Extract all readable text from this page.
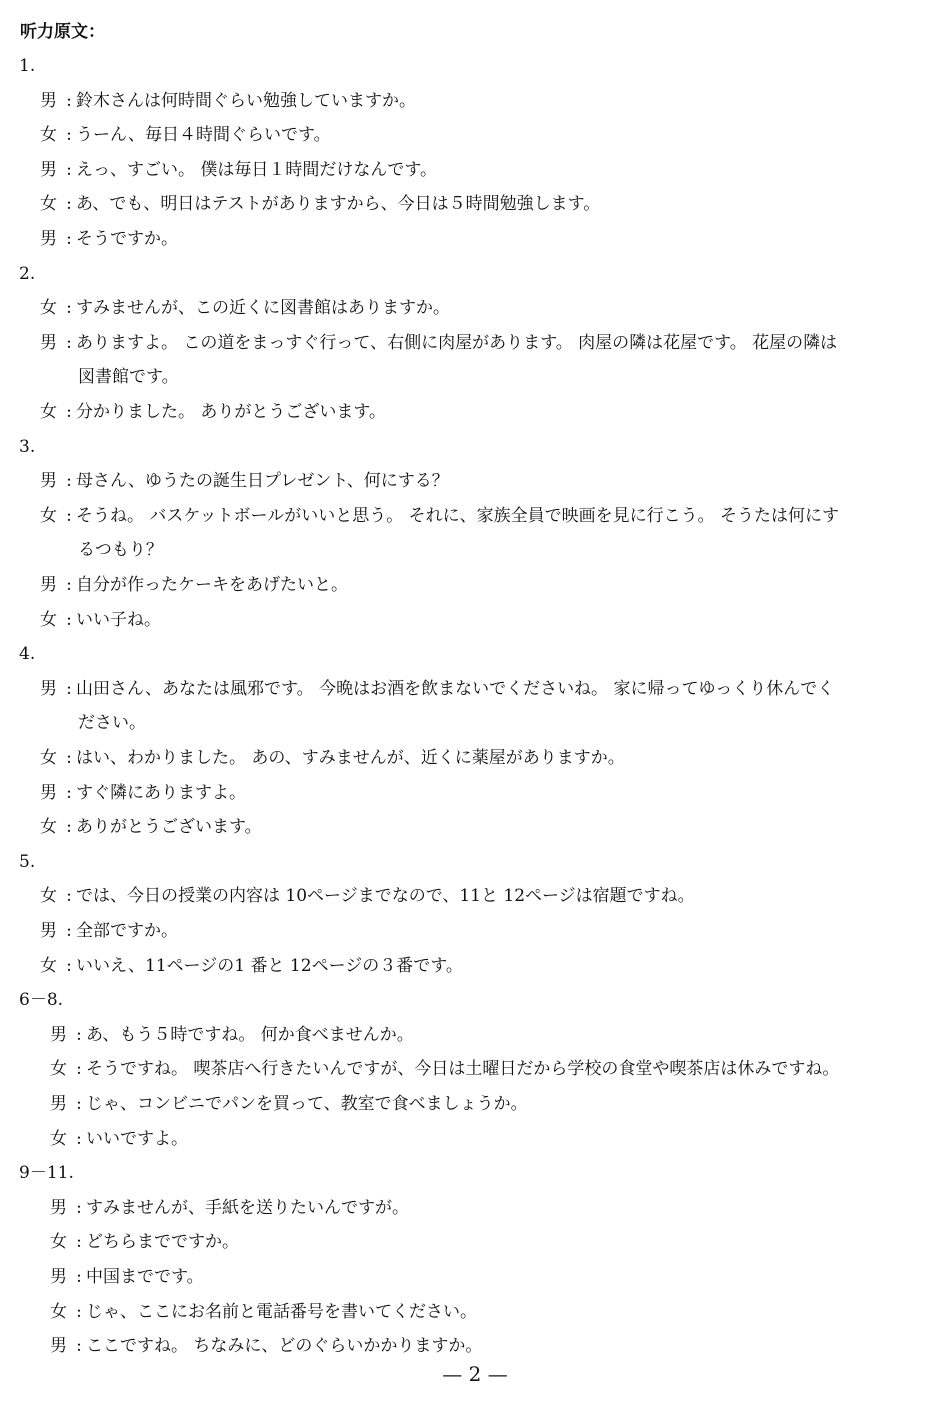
听力原文：
1.
男 : 鈴木さんは何時間ぐらい勉強していますか。
女 : うーん、毎日４時間ぐらいです。
男 : えっ、すごい。 僕は毎日１時間だけなんです。
女 : あ、でも、明日はテストがありますから、今日は５時間勉強します。
男 : そうですか。
2.
女 : すみませんが、この近くに図書館はありますか。
男 : ありますよ。 この道をまっすぐ行って、右側に肉屋があります。 肉屋の隣は花屋です。 花屋の隣は
図書館です。
女 : 分かりました。 ありがとうございます。
3.
男 : 母さん、ゆうたの誕生日プレゼント、何にする？
女 : そうね。 バスケットボールがいいと思う。 それに、家族全員で映画を見に行こう。 そうたは何にす
るつもり？
男 : 自分が作ったケーキをあげたいと。
女 : いい子ね。
4.
男 : 山田さん、あなたは風邪です。 今晩はお酒を飲まないでくださいね。 家に帰ってゆっくり休んでく
ださい。
女 : はい、わかりました。 あの、すみませんが、近くに薬屋がありますか。
男 : すぐ隣にありますよ。
女 : ありがとうございます。
5.
女 : では、今日の授業の内容は 10ページまでなので、11と 12ページは宿題ですね。
男 : 全部ですか。
女 : いいえ、11ページの1 番と 12ページの３番です。
6－8.
男 : あ、もう５時ですね。 何か食べませんか。
女 : そうですね。 喫茶店へ行きたいんですが、今日は土曜日だから学校の食堂や喫茶店は休みですね。
男 : じゃ、コンビニでパンを買って、教室で食べましょうか。
女 : いいですよ。
9－11.
男 : すみませんが、手紙を送りたいんですが。
女 : どちらまでですか。
男 : 中国までです。
女 : じゃ、ここにお名前と電話番号を書いてください。
男 : ここですね。 ちなみに、どのぐらいかかりますか。
— 2 —
